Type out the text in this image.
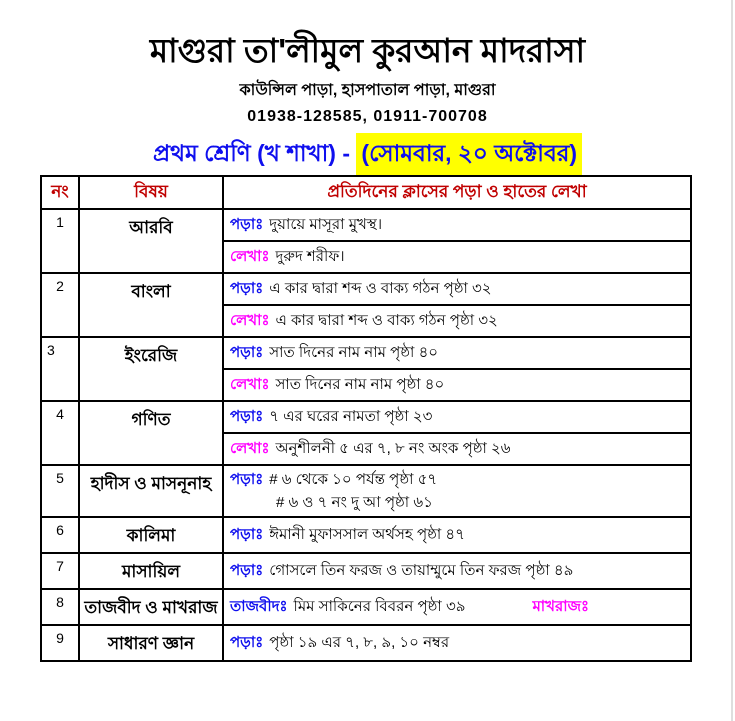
মাগুরা তা'লীমুল কুরআন মাদরাসা
কাউন্সিল পাড়া, হাসপাতাল পাড়া, মাগুরা
01938-128585, 01911-700708
প্রথম শ্রেণি (খ শাখা) - (সোমবার, ২০ অক্টোবর)
নং	বিষয়	প্রতিদিনের ক্লাসের পড়া ও হাতের লেখা
1	আরবি	পড়াঃ দুয়ায়ে মাসূরা মুখস্থ।
		লেখাঃ দুরুদ শরীফ।
2	বাংলা	পড়াঃ এ কার দ্বারা শব্দ ও বাক্য গঠন পৃষ্ঠা ৩২
		লেখাঃ এ কার দ্বারা শব্দ ও বাক্য গঠন পৃষ্ঠা ৩২
3	ইংরেজি	পড়াঃ সাত দিনের নাম নাম পৃষ্ঠা ৪০
		লেখাঃ সাত দিনের নাম নাম পৃষ্ঠা ৪০
4	গণিত	পড়াঃ ৭ এর ঘরের নামতা পৃষ্ঠা ২৩
		লেখাঃ অনুশীলনী ৫ এর ৭, ৮ নং অংক পৃষ্ঠা ২৬
5	হাদীস ও মাসনূনাহ	পড়াঃ # ৬ থেকে ১০ পর্যন্ত পৃষ্ঠা ৫৭
# ৬ ও ৭ নং দু আ পৃষ্ঠা ৬১

6	কালিমা	পড়াঃ ঈমানী মুফাসসাল অর্থসহ পৃষ্ঠা ৪৭
7	মাসায়িল	পড়াঃ গোসলে তিন ফরজ ও তায়াম্মুমে তিন ফরজ পৃষ্ঠা ৪৯
8	তাজবীদ ও মাখরাজ	তাজবীদঃ মিম সাকিনের বিবরন পৃষ্ঠা ৩৯ মাখরাজঃ

9	সাধারণ জ্ঞান	পড়াঃ পৃষ্ঠা ১৯ এর ৭, ৮, ৯, ১০ নম্বর
